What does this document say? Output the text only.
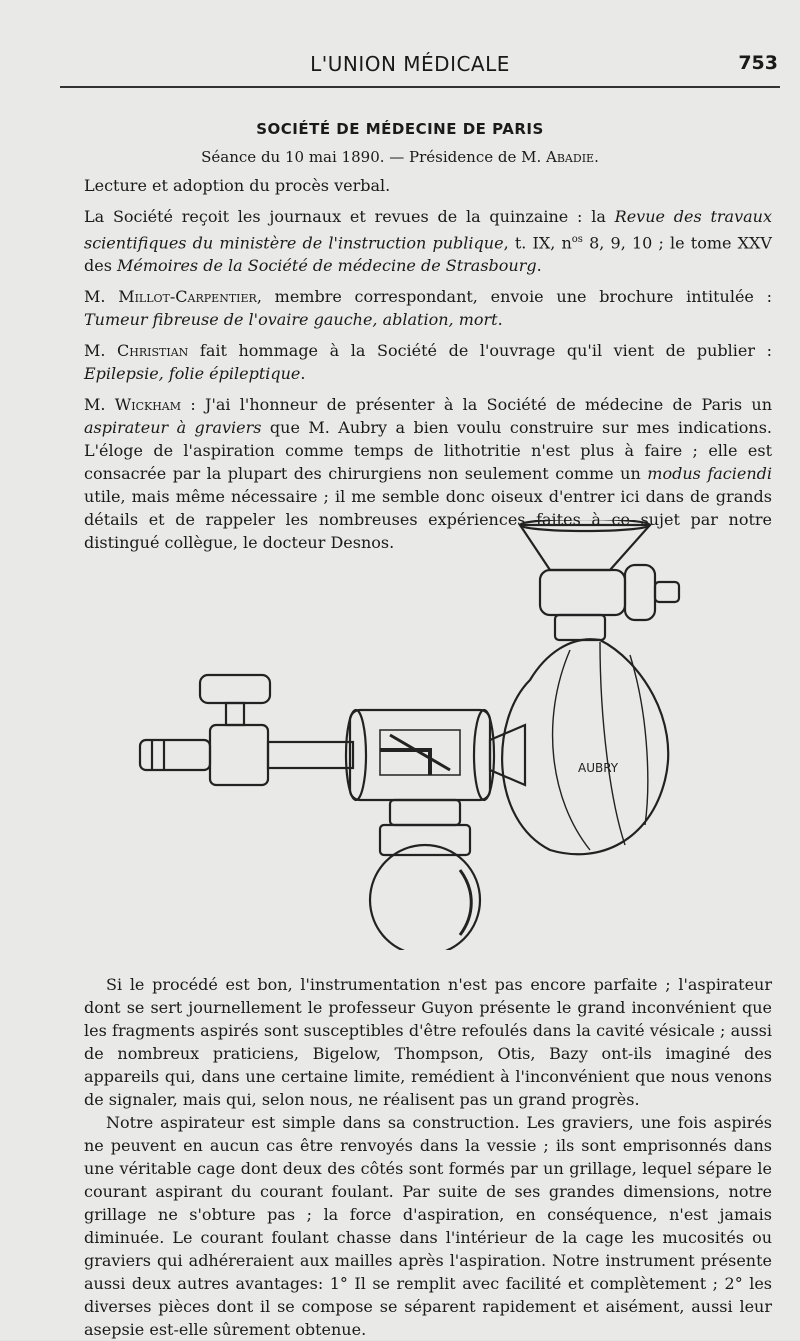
L'UNION MÉDICALE	753
SOCIÉTÉ DE MÉDECINE DE PARIS
Séance du 10 mai 1890. — Présidence de M. Abadie.

Lecture et adoption du procès verbal.

La Société reçoit les journaux et revues de la quinzaine : la Revue des travaux scientifiques du ministère de l'instruction publique, t. IX, $n^{os}$ 8, 9, 10 ; le tome XXV des Mémoires de la Société de médecine de Strasbourg.

M. Millot-Carpentier, membre correspondant, envoie une brochure intitulée : Tumeur fibreuse de l'ovaire gauche, ablation, mort.

M. Christian fait hommage à la Société de l'ouvrage qu'il vient de publier : Epilepsie, folie épileptique.

M. Wickham : J'ai l'honneur de présenter à la Société de médecine de Paris un aspirateur à graviers que M. Aubry a bien voulu construire sur mes indications. L'éloge de l'aspiration comme temps de lithotritie n'est plus à faire ; elle est consacrée par la plupart des chirurgiens non seulement comme un modus faciendi utile, mais même nécessaire ; il me semble donc oiseux d'entrer ici dans de grands détails et de rappeler les nombreuses expériences faites à ce sujet par notre distingué collègue, le docteur Desnos.

AUBRY

Si le procédé est bon, l'instrumentation n'est pas encore parfaite ; l'aspirateur dont se sert journellement le professeur Guyon présente le grand inconvénient que les fragments aspirés sont susceptibles d'être refoulés dans la cavité vésicale ; aussi de nombreux praticiens, Bigelow, Thompson, Otis, Bazy ont-ils imaginé des appareils qui, dans une certaine limite, remédient à l'inconvénient que nous venons de signaler, mais qui, selon nous, ne réalisent pas un grand progrès.

Notre aspirateur est simple dans sa construction. Les graviers, une fois aspirés ne peuvent en aucun cas être renvoyés dans la vessie ; ils sont emprisonnés dans une véritable cage dont deux des côtés sont formés par un grillage, lequel sépare le courant aspirant du courant foulant. Par suite de ses grandes dimensions, notre grillage ne s'obture pas ; la force d'aspiration, en conséquence, n'est jamais diminuée. Le courant foulant chasse dans l'intérieur de la cage les mucosités ou graviers qui adhéreraient aux mailles après l'aspiration. Notre instrument présente aussi deux autres avantages: 1° Il se remplit avec facilité et complètement ; 2° les diverses pièces dont il se compose se séparent rapidement et aisément, aussi leur asepsie est-elle sûrement obtenue.
